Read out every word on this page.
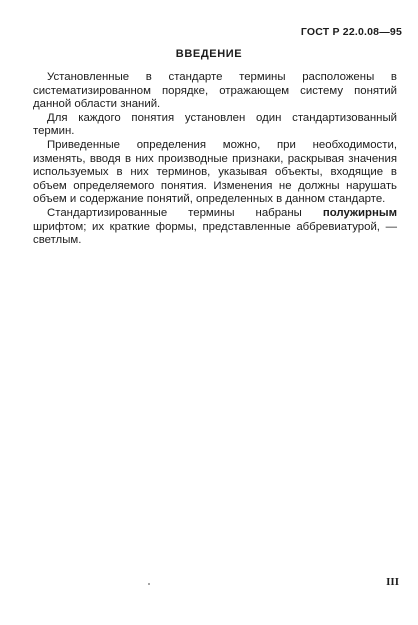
ГОСТ Р 22.0.08—95
ВВЕДЕНИЕ

Установленные в стандарте термины расположены в систематизированном порядке, отражающем систему понятий данной области знаний.

Для каждого понятия установлен один стандартизованный термин.

Приведенные определения можно, при необходимости, изменять, вводя в них производные признаки, раскрывая значения используемых в них терминов, указывая объекты, входящие в объем определяемого понятия. Изменения не должны нарушать объем и содержание понятий, определенных в данном стандарте.

Стандартизированные термины набраны полужирным шрифтом; их краткие формы, представленные аббревиатурой, — светлым.

III
